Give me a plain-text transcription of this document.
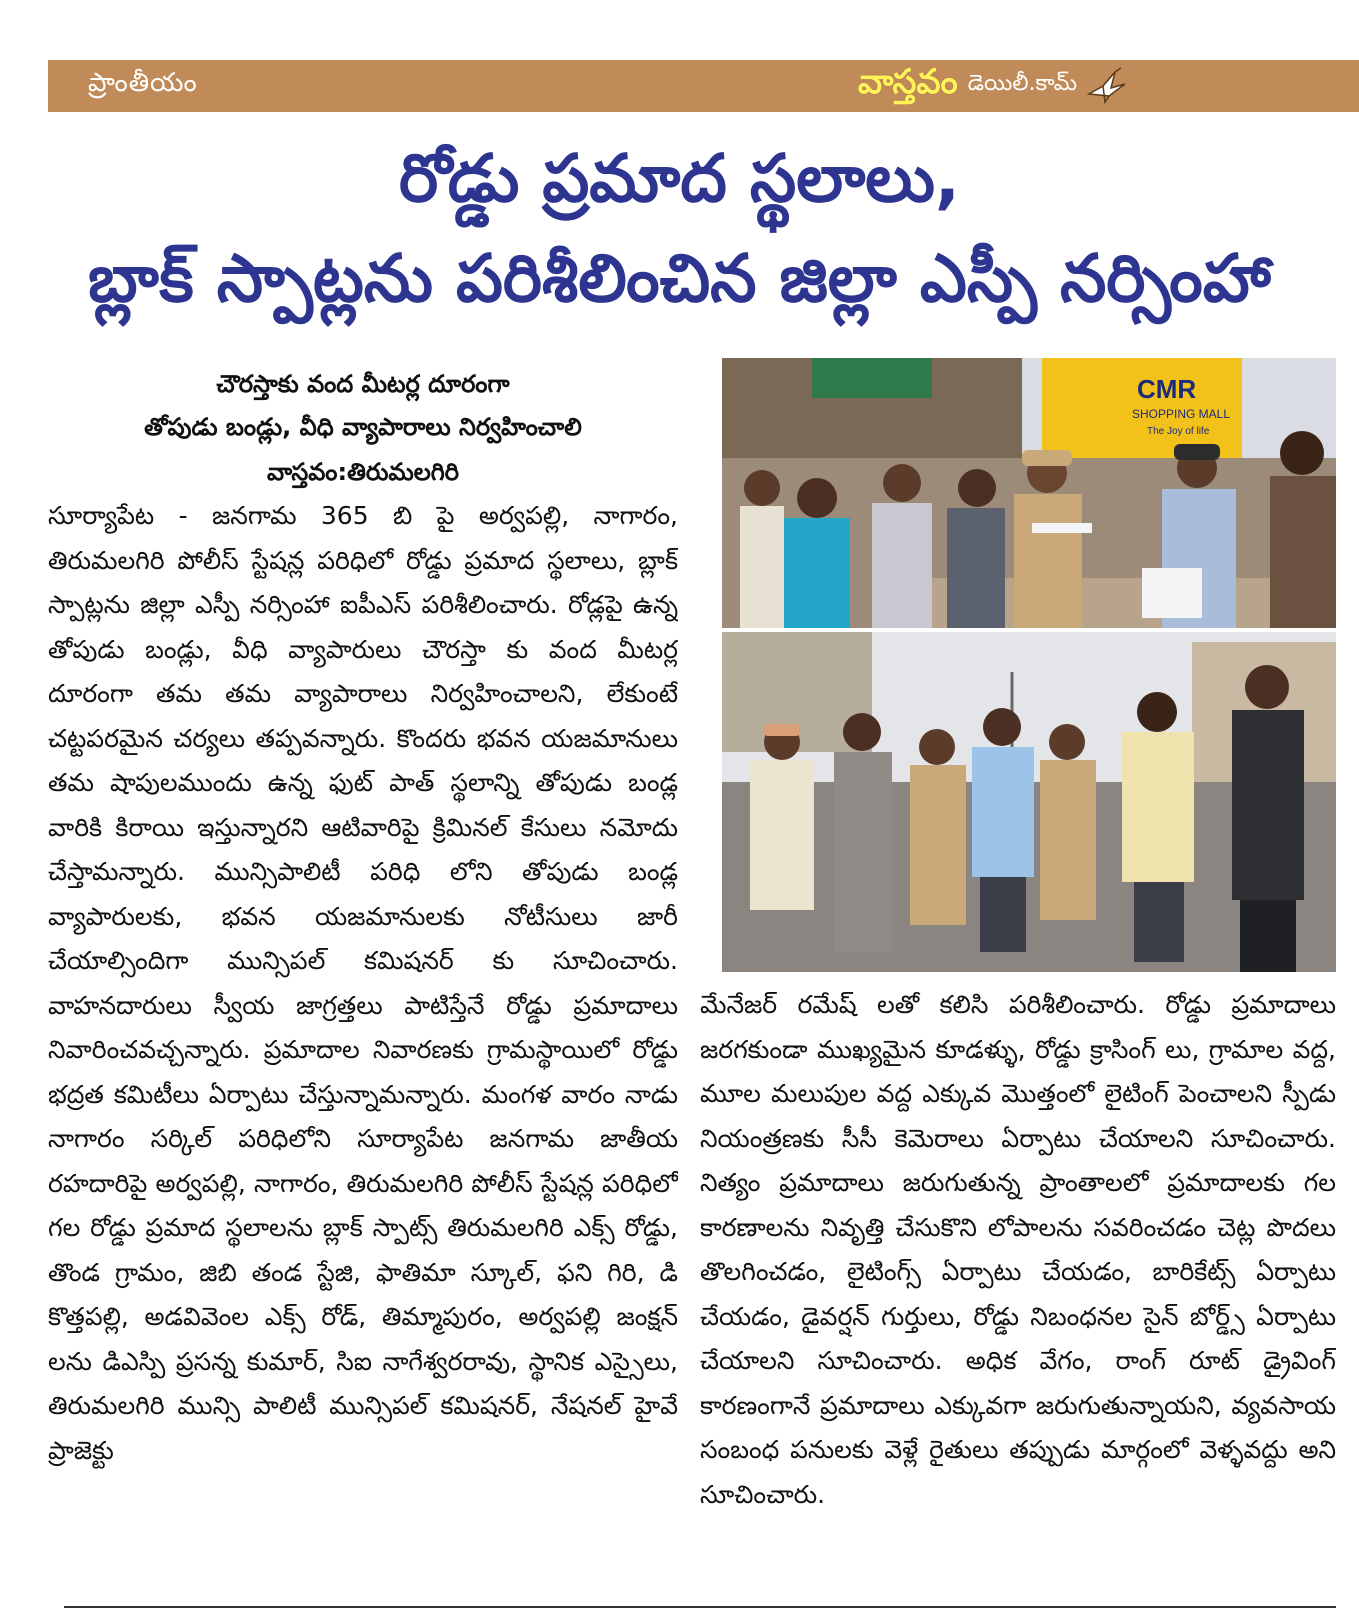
ప్రాంతీయం	వాస్తవం డెయిలీ.కామ్
రోడ్డు ప్రమాద స్థలాలు,
బ్లాక్ స్పాట్లను పరిశీలించిన జిల్లా ఎస్పీ నర్సింహా
చౌరస్తాకు వంద మీటర్ల దూరంగా
తోపుడు బండ్లు, వీధి వ్యాపారాలు నిర్వహించాలి
వాస్తవం:తిరుమలగిరి
సూర్యాపేట - జనగామ 365 బి పై అర్వపల్లి, నాగారం, తిరుమలగిరి పోలీస్ స్టేషన్ల పరిధిలో రోడ్డు ప్రమాద స్థలాలు, బ్లాక్ స్పాట్లను జిల్లా ఎస్పీ నర్సింహా ఐపీఎస్ పరిశీలించారు. రోడ్లపై ఉన్న తోపుడు బండ్లు, వీధి వ్యాపారులు చౌరస్తా కు వంద మీటర్ల దూరంగా తమ తమ వ్యాపారాలు నిర్వహించాలని, లేకుంటే చట్టపరమైన చర్యలు తప్పవన్నారు. కొందరు భవన యజమానులు తమ షాపులముందు ఉన్న ఫుట్ పాత్ స్థలాన్ని తోపుడు బండ్ల వారికి కిరాయి ఇస్తున్నారని ఆటివారిపై క్రిమినల్ కేసులు నమోదు చేస్తామన్నారు. మున్సిపాలిటీ పరిధి లోని తోపుడు బండ్ల వ్యాపారులకు, భవన యజమానులకు నోటీసులు జారీ చేయాల్సిందిగా మున్సిపల్ కమిషనర్ కు సూచించారు. వాహనదారులు స్వీయ జాగ్రత్తలు పాటిస్తేనే రోడ్డు ప్రమాదాలు నివారించవచ్చన్నారు. ప్రమాదాల నివారణకు గ్రామస్థాయిలో రోడ్డు భద్రత కమిటీలు ఏర్పాటు చేస్తున్నామన్నారు. మంగళ వారం నాడు నాగారం సర్కిల్ పరిధిలోని సూర్యాపేట జనగామ జాతీయ రహదారిపై అర్వపల్లి, నాగారం, తిరుమలగిరి పోలీస్ స్టేషన్ల పరిధిలో గల రోడ్డు ప్రమాద స్థలాలను బ్లాక్ స్పాట్స్ తిరుమలగిరి ఎక్స్ రోడ్డు, తొండ గ్రామం, జిబి తండ స్టేజి, ఫాతిమా స్కూల్, ఫని గిరి, డి కొత్తపల్లి, అడవివెంల ఎక్స్ రోడ్, తిమ్మాపురం, అర్వపల్లి జంక్షన్ లను డిఎస్పి ప్రసన్న కుమార్, సిఐ నాగేశ్వరరావు, స్థానిక ఎస్సైలు, తిరుమలగిరి మున్సి పాలిటీ మున్సిపల్ కమిషనర్, నేషనల్ హైవే ప్రాజెక్టు
CMR
SHOPPING MALL
The Joy of life
మేనేజర్ రమేష్ లతో కలిసి పరిశీలించారు. రోడ్డు ప్రమాదాలు జరగకుండా ముఖ్యమైన కూడళ్ళు, రోడ్డు క్రాసింగ్ లు, గ్రామాల వద్ద, మూల మలుపుల వద్ద ఎక్కువ మొత్తంలో లైటింగ్ పెంచాలని స్పీడు నియంత్రణకు సీసీ కెమెరాలు ఏర్పాటు చేయాలని సూచించారు. నిత్యం ప్రమాదాలు జరుగుతున్న ప్రాంతాలలో ప్రమాదాలకు గల కారణాలను నివృత్తి చేసుకొని లోపాలను సవరించడం చెట్ల పొదలు తొలగించడం, లైటింగ్స్ ఏర్పాటు చేయడం, బారికేట్స్ ఏర్పాటు చేయడం, డైవర్షన్ గుర్తులు, రోడ్డు నిబంధనల సైన్ బోర్డ్స్ ఏర్పాటు చేయాలని సూచించారు. అధిక వేగం, రాంగ్ రూట్ డ్రైవింగ్ కారణంగానే ప్రమాదాలు ఎక్కువగా జరుగుతున్నాయని, వ్యవసాయ సంబంధ పనులకు వెళ్లే రైతులు తప్పుడు మార్గంలో వెళ్ళవద్దు అని సూచించారు.
